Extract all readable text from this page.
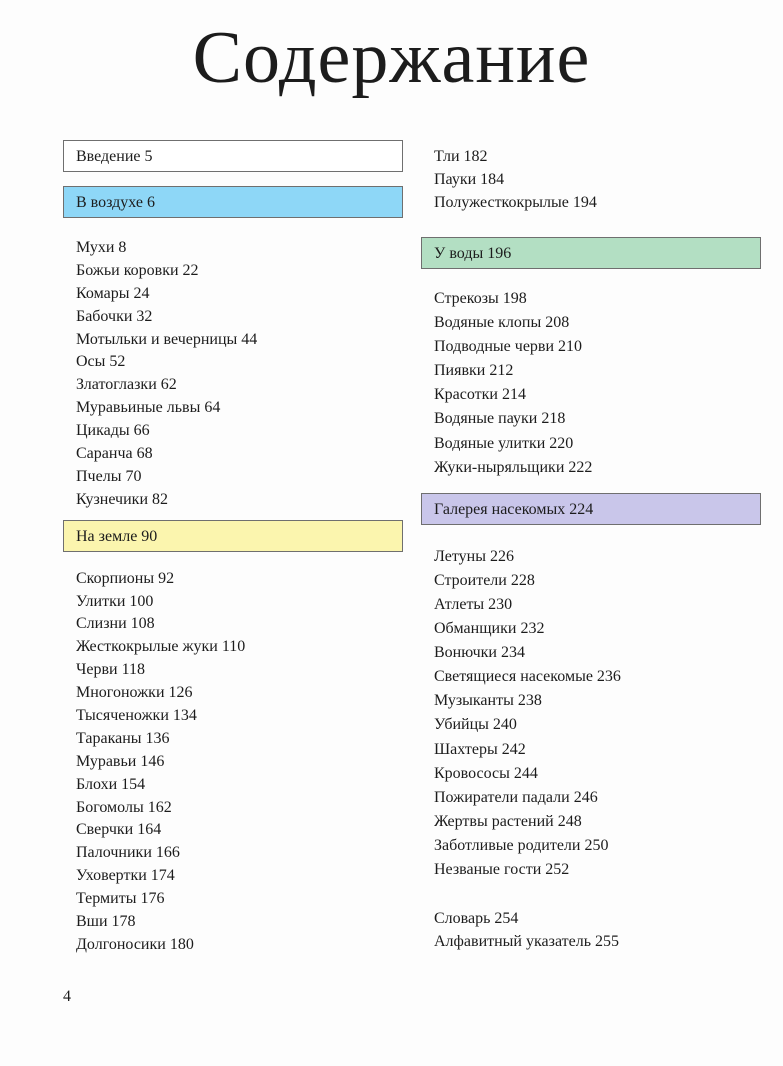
Содержание
Введение 5
В воздухе 6
Мухи 8
Божьи коровки 22
Комары 24
Бабочки 32
Мотыльки и вечерницы 44
Осы 52
Златоглазки 62
Муравьиные львы 64
Цикады 66
Саранча 68
Пчелы 70
Кузнечики 82
На земле 90
Скорпионы 92
Улитки 100
Слизни 108
Жесткокрылые жуки 110
Черви 118
Многоножки 126
Тысяченожки 134
Тараканы 136
Муравьи 146
Блохи 154
Богомолы 162
Сверчки 164
Палочники 166
Уховертки 174
Термиты 176
Вши 178
Долгоносики 180
Тли 182
Пауки 184
Полужесткокрылые 194
У воды 196
Стрекозы 198
Водяные клопы 208
Подводные черви 210
Пиявки 212
Красотки 214
Водяные пауки 218
Водяные улитки 220
Жуки-ныряльщики 222
Галерея насекомых 224
Летуны 226
Строители 228
Атлеты 230
Обманщики 232
Вонючки 234
Светящиеся насекомые 236
Музыканты 238
Убийцы 240
Шахтеры 242
Кровососы 244
Пожиратели падали 246
Жертвы растений 248
Заботливые родители 250
Незваные гости 252
Словарь 254
Алфавитный указатель 255
4
